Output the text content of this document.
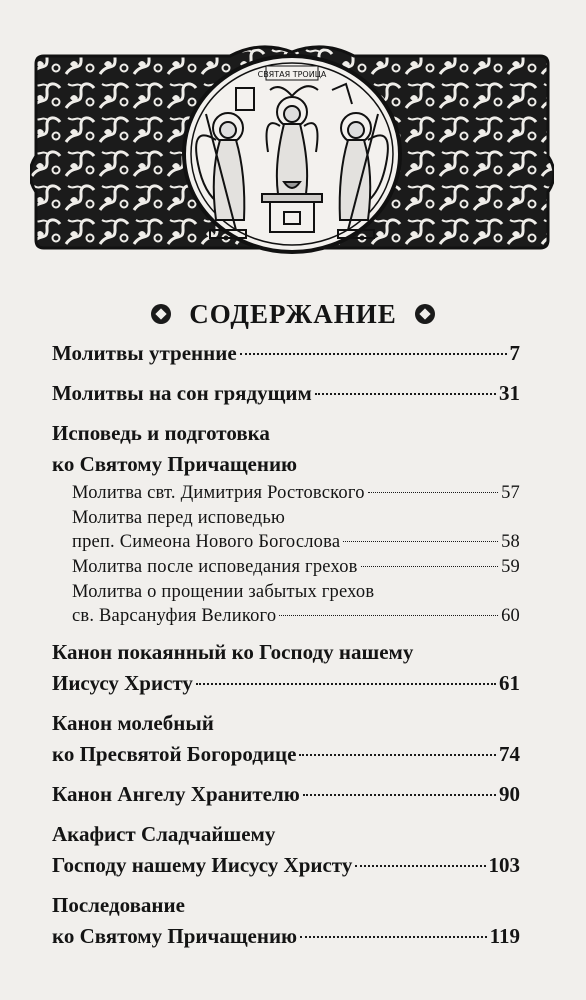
СВЯТАЯ ТРОИЦА
СОДЕРЖАНИЕ
Молитвы утренние	7
Молитвы на сон грядущим	31
Исповедь и подготовка
ко Святому Причащению
Молитва свт. Димитрия Ростовского	57
Молитва перед исповедью
преп. Симеона Нового Богослова	58
Молитва после исповедания грехов	59
Молитва о прощении забытых грехов
св. Варсануфия Великого	60
Канон покаянный ко Господу нашему
Иисусу Христу	61
Канон молебный
ко Пресвятой Богородице	74
Канон Ангелу Хранителю	90
Акафист Сладчайшему
Господу нашему Иисусу Христу	103
Последование
ко Святому Причащению	119
